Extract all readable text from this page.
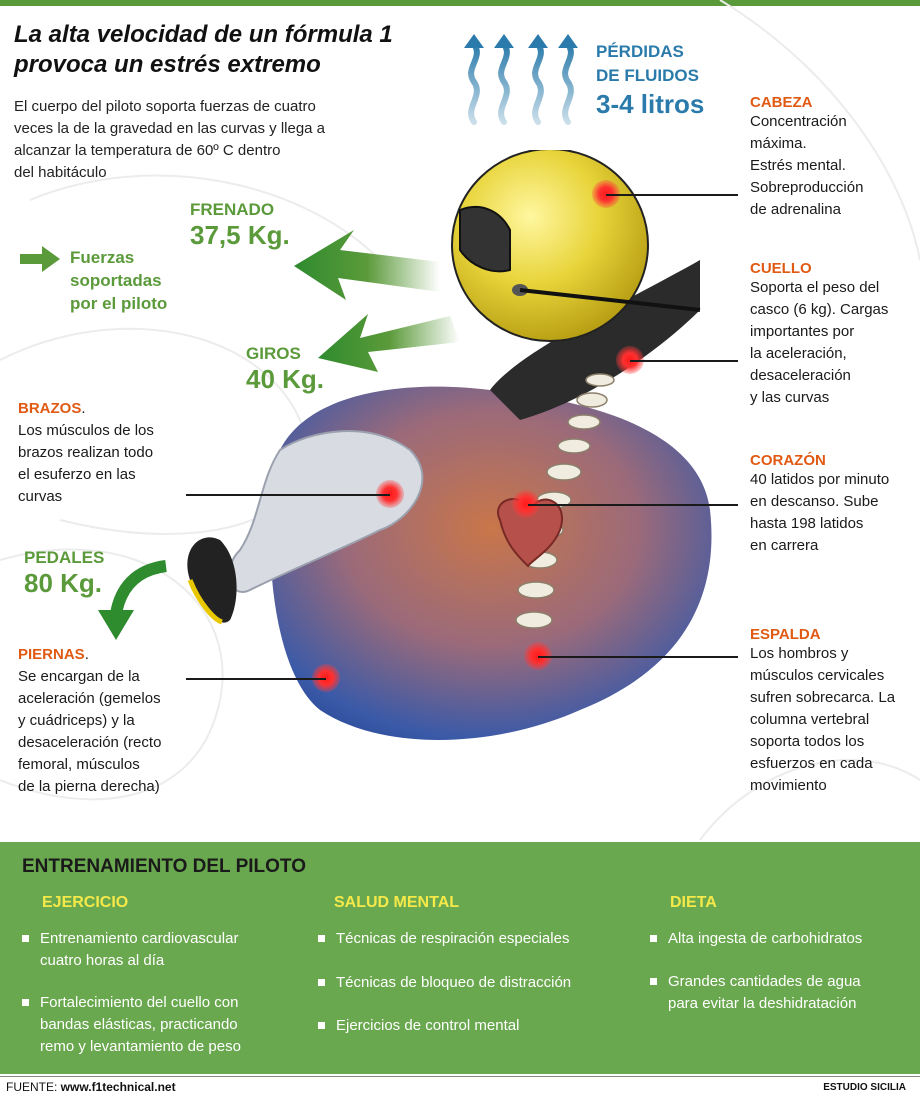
La alta velocidad de un fórmula 1
provoca un estrés extremo
El cuerpo del piloto soporta fuerzas de cuatro
veces la de la gravedad en las curvas y llega a
alcanzar la temperatura de 60º C dentro
del habitáculo
PÉRDIDAS
DE FLUIDOS
3-4 litros
Fuerzas
soportadas
por el piloto
FRENADO
37,5 Kg.
GIROS
40 Kg.
PEDALES
80 Kg.
CABEZA
Concentración
máxima.
Estrés mental.
Sobreproducción
de adrenalina
CUELLO
Soporta el peso del
casco (6 kg). Cargas
importantes por
la aceleración,
desaceleración
y las curvas
CORAZÓN
40 latidos por minuto
en descanso. Sube
hasta 198 latidos
en carrera
ESPALDA
Los hombros y
músculos cervicales
sufren sobrecarca. La
columna vertebral
soporta todos los
esfuerzos en cada
movimiento
BRAZOS.
Los músculos de los
brazos realizan todo
el esuferzo en las
curvas
PIERNAS.
Se encargan de la
aceleración (gemelos
y cuádriceps) y la
desaceleración (recto
femoral, músculos
de la pierna derecha)
ENTRENAMIENTO DEL PILOTO
EJERCICIO
Entrenamiento cardiovascular
cuatro horas al día
Fortalecimiento del cuello con
bandas elásticas, practicando
remo y levantamiento de peso
SALUD MENTAL
Técnicas de respiración especiales
Técnicas de bloqueo de distracción
Ejercicios de control mental
DIETA
Alta ingesta de carbohidratos
Grandes cantidades de agua
para evitar la deshidratación
FUENTE: www.f1technical.net	ESTUDIO SICILIA
